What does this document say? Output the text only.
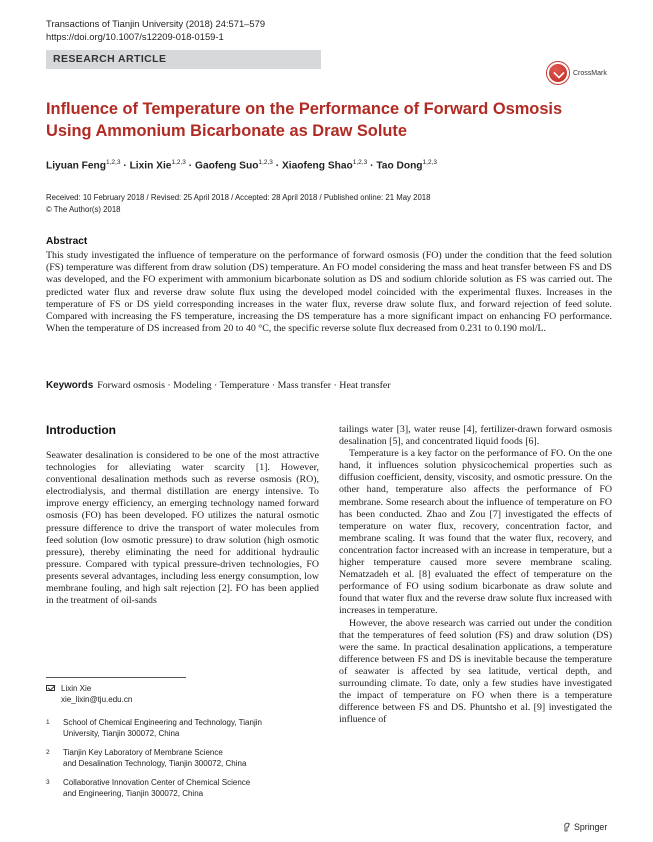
Transactions of Tianjin University (2018) 24:571–579
https://doi.org/10.1007/s12209-018-0159-1
RESEARCH ARTICLE
CrossMark
Influence of Temperature on the Performance of Forward Osmosis
Using Ammonium Bicarbonate as Draw Solute
Liyuan Feng$^{1,2,3}$ · Lixin Xie$^{1,2,3}$ · Gaofeng Suo$^{1,2,3}$ · Xiaofeng Shao$^{1,2,3}$ · Tao Dong$^{1,2,3}$
Received: 10 February 2018 / Revised: 25 April 2018 / Accepted: 28 April 2018 / Published online: 21 May 2018
© The Author(s) 2018
Abstract

This study investigated the influence of temperature on the performance of forward osmosis (FO) under the condition that the feed solution (FS) temperature was different from draw solution (DS) temperature. An FO model considering the mass and heat transfer between FS and DS was developed, and the FO experiment with ammonium bicarbonate solution as DS and sodium chloride solution as FS was carried out. The predicted water flux and reverse draw solute flux using the developed model coincided with the experimental fluxes. Increases in the temperature of FS or DS yield corresponding increases in the water flux, reverse draw solute flux, and forward rejection of feed solute. Compared with increasing the FS temperature, increasing the DS temperature has a more significant impact on enhancing FO performance. When the temperature of DS increased from 20 to 40 °C, the specific reverse solute flux decreased from 0.231 to 0.190 mol/L.

Keywords Forward osmosis · Modeling · Temperature · Mass transfer · Heat transfer
Introduction

Seawater desalination is considered to be one of the most attractive technologies for alleviating water scarcity [1]. However, conventional desalination methods such as reverse osmosis (RO), electrodialysis, and thermal distillation are energy intensive. To improve energy efficiency, an emerging technology named forward osmosis (FO) has been developed. FO utilizes the natural osmotic pressure difference to drive the transport of water molecules from feed solution (low osmotic pressure) to draw solution (high osmotic pressure), thereby eliminating the need for additional hydraulic pressure. Compared with typical pressure-driven technologies, FO presents several advantages, including less energy consumption, low membrane fouling, and high salt rejection [2]. FO has been applied in the treatment of oil-sands

tailings water [3], water reuse [4], fertilizer-drawn forward osmosis desalination [5], and concentrated liquid foods [6].

Temperature is a key factor on the performance of FO. On the one hand, it influences solution physicochemical properties such as diffusion coefficient, density, viscosity, and osmotic pressure. On the other hand, temperature also affects the performance of FO membrane. Some research about the influence of temperature on FO has been conducted. Zhao and Zou [7] investigated the effects of temperature on water flux, recovery, concentration factor, and membrane scaling. It was found that the water flux, recovery, and concentration factor increased with an increase in temperature, but a higher temperature caused more severe membrane scaling. Nematzadeh et al. [8] evaluated the effect of temperature on the performance of FO using sodium bicarbonate as draw solute and found that water flux and the reverse draw solute flux increased with increases in temperature.

However, the above research was carried out under the condition that the temperatures of feed solution (FS) and draw solution (DS) were the same. In practical desalination applications, a temperature difference between FS and DS is inevitable because the temperature of seawater is affected by sea latitude, vertical depth, and surrounding climate. To date, only a few studies have investigated the impact of temperature on FO when there is a temperature difference between FS and DS. Phuntsho et al. [9] investigated the influence of

Lixin Xie
xie_lixin@tju.edu.cn
1	School of Chemical Engineering and Technology, Tianjin
University, Tianjin 300072, China
2	Tianjin Key Laboratory of Membrane Science
and Desalination Technology, Tianjin 300072, China
3	Collaborative Innovation Center of Chemical Science
and Engineering, Tianjin 300072, China
Springer
